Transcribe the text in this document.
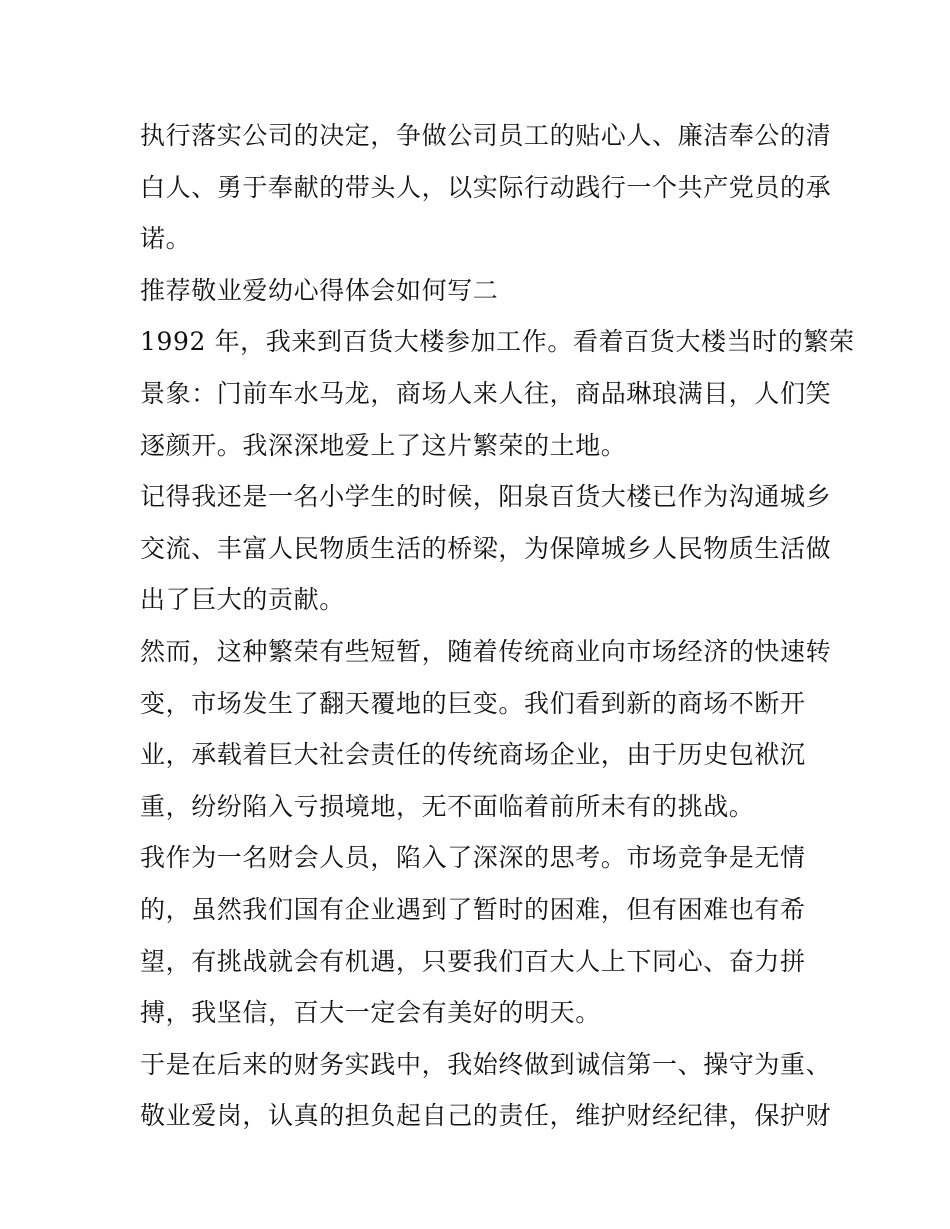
执行落实公司的决定，争做公司员工的贴心人、廉洁奉公的清
白人、勇于奉献的带头人，以实际行动践行一个共产党员的承
诺。
推荐敬业爱幼心得体会如何写二
1992 年，我来到百货大楼参加工作。看着百货大楼当时的繁荣
景象：门前车水马龙，商场人来人往，商品琳琅满目，人们笑
逐颜开。我深深地爱上了这片繁荣的土地。
记得我还是一名小学生的时候，阳泉百货大楼已作为沟通城乡
交流、丰富人民物质生活的桥梁，为保障城乡人民物质生活做
出了巨大的贡献。
然而，这种繁荣有些短暂，随着传统商业向市场经济的快速转
变，市场发生了翻天覆地的巨变。我们看到新的商场不断开
业，承载着巨大社会责任的传统商场企业，由于历史包袱沉
重，纷纷陷入亏损境地，无不面临着前所未有的挑战。
我作为一名财会人员，陷入了深深的思考。市场竞争是无情
的，虽然我们国有企业遇到了暂时的困难，但有困难也有希
望，有挑战就会有机遇，只要我们百大人上下同心、奋力拼
搏，我坚信，百大一定会有美好的明天。
于是在后来的财务实践中，我始终做到诚信第一、操守为重、
敬业爱岗，认真的担负起自己的责任，维护财经纪律，保护财
